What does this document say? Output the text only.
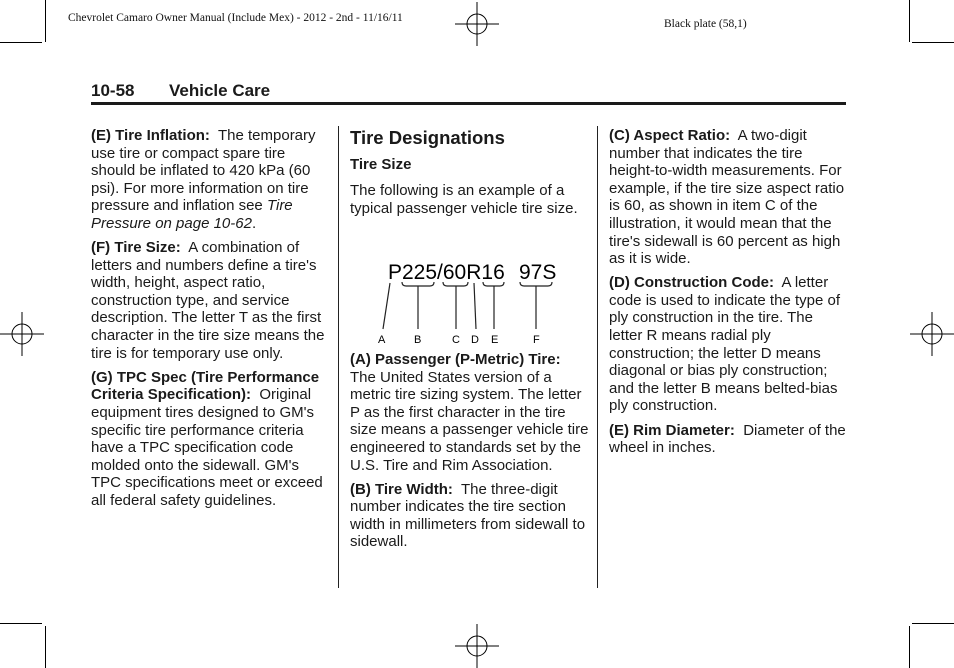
Chevrolet Camaro Owner Manual (Include Mex) - 2012 - 2nd - 11/16/11	Black plate (58,1)
10-58 Vehicle Care

(E) Tire Inflation: The temporary use tire or compact spare tire should be inflated to 420 kPa (60 psi). For more information on tire pressure and inflation see Tire Pressure on page 10-62.

(F) Tire Size: A combination of letters and numbers define a tire's width, height, aspect ratio, construction type, and service description. The letter T as the first character in the tire size means the tire is for temporary use only.

(G) TPC Spec (Tire Performance Criteria Specification): Original equipment tires designed to GM's specific tire performance criteria have a TPC specification code molded onto the sidewall. GM's TPC specifications meet or exceed all federal safety guidelines.

Tire Designations
Tire Size

The following is an example of a typical passenger vehicle tire size.

P225/60R16 97S
A	B	C D E	F

(A) Passenger (P-Metric) Tire: The United States version of a metric tire sizing system. The letter P as the first character in the tire size means a passenger vehicle tire engineered to standards set by the U.S. Tire and Rim Association.

(B) Tire Width: The three-digit number indicates the tire section width in millimeters from sidewall to sidewall.

(C) Aspect Ratio: A two-digit number that indicates the tire height-to-width measurements. For example, if the tire size aspect ratio is 60, as shown in item C of the illustration, it would mean that the tire's sidewall is 60 percent as high as it is wide.

(D) Construction Code: A letter code is used to indicate the type of ply construction in the tire. The letter R means radial ply construction; the letter D means diagonal or bias ply construction; and the letter B means belted-bias ply construction.

(E) Rim Diameter: Diameter of the wheel in inches.
